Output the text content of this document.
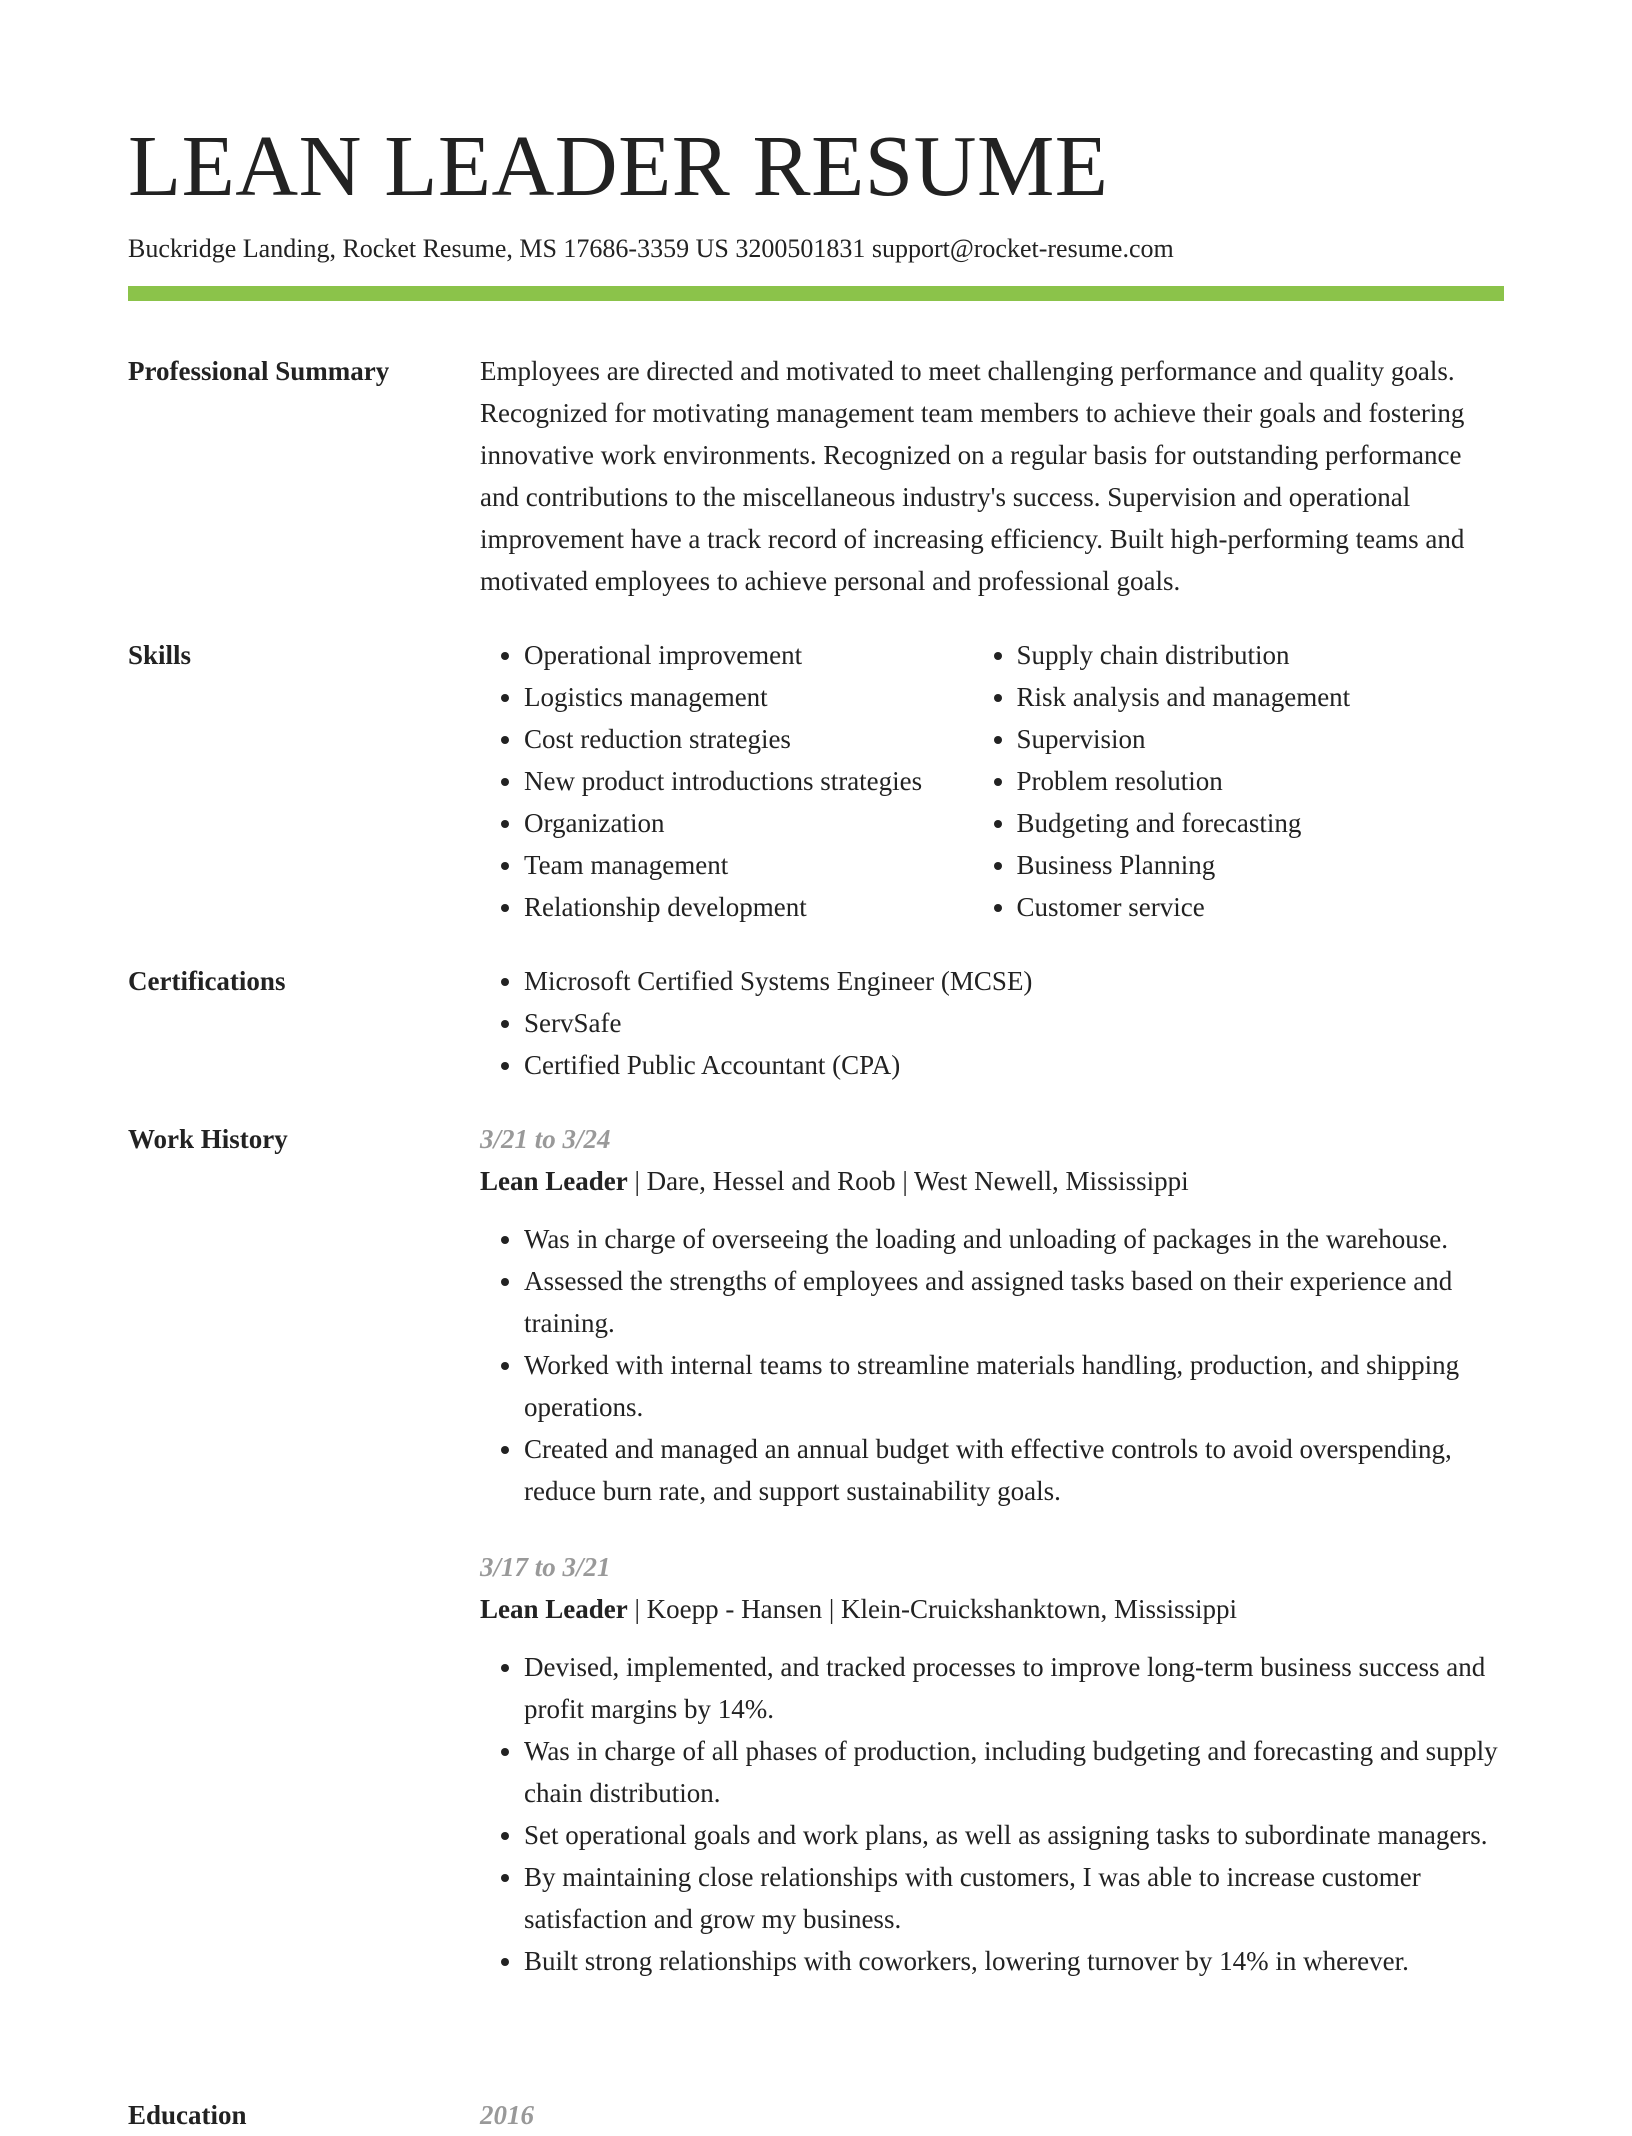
LEAN LEADER RESUME
Buckridge Landing, Rocket Resume, MS 17686-3359 US 3200501831 support@rocket-resume.com
Professional Summary	Employees are directed and motivated to meet challenging performance and quality goals. Recognized for motivating management team members to achieve their goals and fostering innovative work environments. Recognized on a regular basis for outstanding performance and contributions to the miscellaneous industry's success. Supervision and operational improvement have a track record of increasing efficiency. Built high-performing teams and motivated employees to achieve personal and professional goals.

Skills	• Operational improvement
• Logistics management
• Cost reduction strategies
• New product introductions strategies
• Organization
• Team management
• Relationship development
• Supply chain distribution
• Risk analysis and management
• Supervision
• Problem resolution
• Budgeting and forecasting
• Business Planning
• Customer service
Certifications	• Microsoft Certified Systems Engineer (MCSE)
• ServSafe
• Certified Public Accountant (CPA)
Work History	3/21 to 3/24
Lean Leader | Dare, Hessel and Roob | West Newell, Mississippi
• Was in charge of overseeing the loading and unloading of packages in the warehouse.
• Assessed the strengths of employees and assigned tasks based on their experience and training.
• Worked with internal teams to streamline materials handling, production, and shipping operations.
• Created and managed an annual budget with effective controls to avoid overspending, reduce burn rate, and support sustainability goals.
3/17 to 3/21
Lean Leader | Koepp - Hansen | Klein-Cruickshanktown, Mississippi
• Devised, implemented, and tracked processes to improve long-term business success and profit margins by 14%.
• Was in charge of all phases of production, including budgeting and forecasting and supply chain distribution.
• Set operational goals and work plans, as well as assigning tasks to subordinate managers.
• By maintaining close relationships with customers, I was able to increase customer satisfaction and grow my business.
• Built strong relationships with coworkers, lowering turnover by 14% in wherever.
Education	2016
